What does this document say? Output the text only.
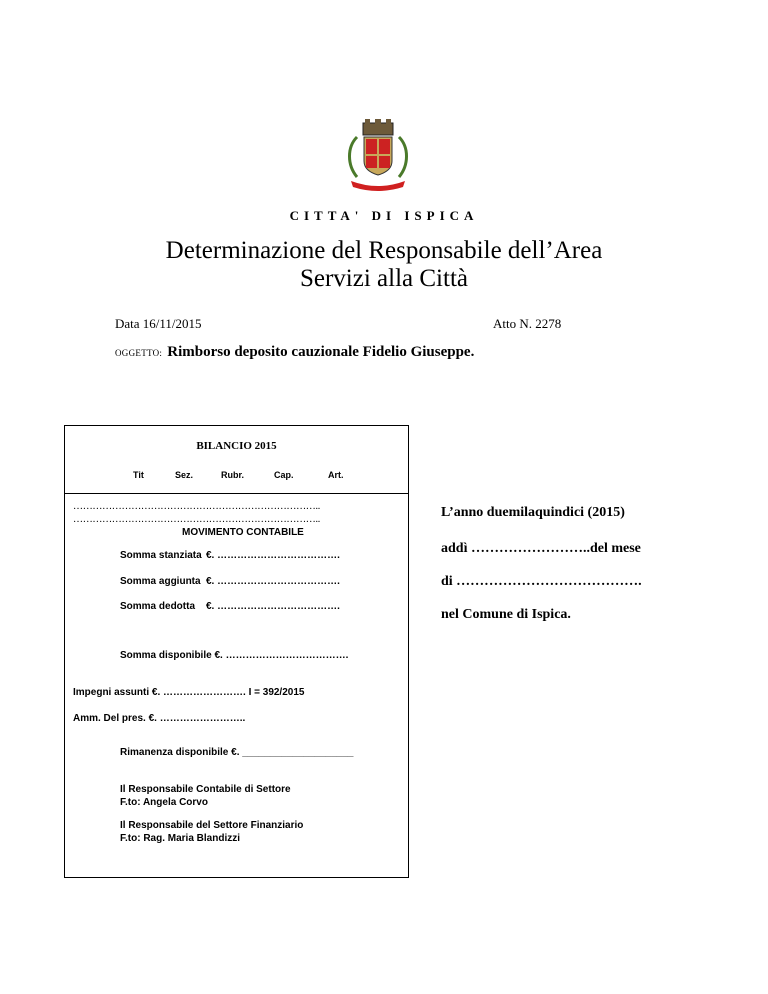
CITTA' DI ISPICA
Determinazione del Responsabile dell’Area
Servizi alla Città
Data 16/11/2015	Atto N. 2278
OGGETTO: Rimborso deposito cauzionale Fidelio Giuseppe.
BILANCIO 2015
Tit	Sez.	Rubr.	Cap.	Art.
…………………………………………………………………..
…………………………………………………………………..
MOVIMENTO CONTABILE
Somma stanziata €. ……………………………….
Somma aggiunta €. ……………………………….
Somma dedotta €. ……………………………….
Somma disponibile €. ……………………………….
Impegni assunti €. ……………………. I = 392/2015
Amm. Del pres. €. ……………………..
Rimanenza disponibile €. ____________________
Il Responsabile Contabile di Settore
F.to: Angela Corvo
Il Responsabile del Settore Finanziario
F.to: Rag. Maria Blandizzi
L’anno duemilaquindici (2015)
addì ……………………..del mese
di ………………………………….
nel Comune di Ispica.
